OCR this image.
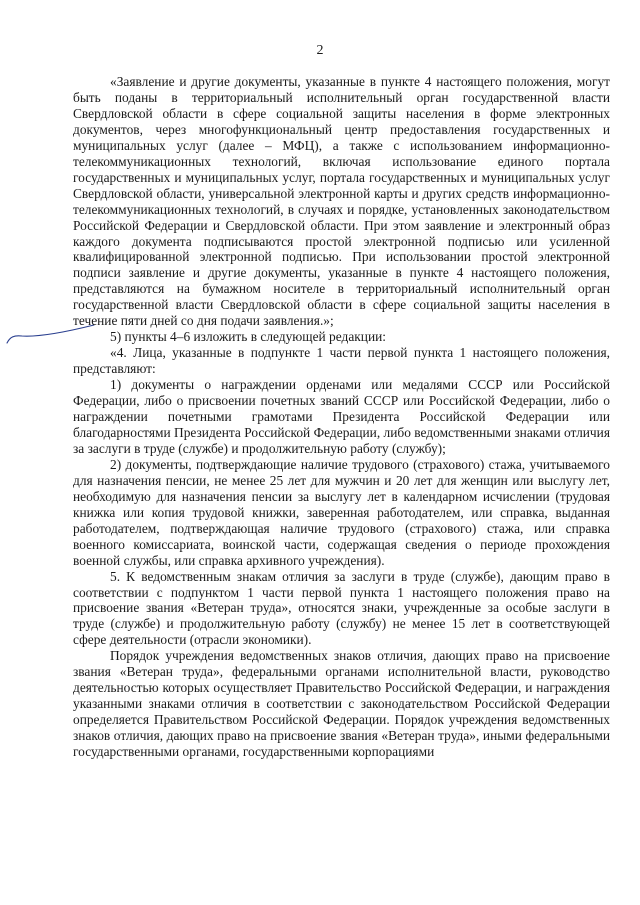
2

«Заявление и другие документы, указанные в пункте 4 настоящего положения, могут быть поданы в территориальный исполнительный орган государственной власти Свердловской области в сфере социальной защиты населения в форме электронных документов, через многофункциональный центр предоставления государственных и муниципальных услуг (далее – МФЦ), а также с использованием информационно-телекоммуникационных технологий, включая использование единого портала государственных и муниципальных услуг, портала государственных и муниципальных услуг Свердловской области, универсальной электронной карты и других средств информационно-телекоммуникационных технологий, в случаях и порядке, установленных законодательством Российской Федерации и Свердловской области. При этом заявление и электронный образ каждого документа подписываются простой электронной подписью или усиленной квалифицированной электронной подписью. При использовании простой электронной подписи заявление и другие документы, указанные в пункте 4 настоящего положения, представляются на бумажном носителе в территориальный исполнительный орган государственной власти Свердловской области в сфере социальной защиты населения в течение пяти дней со дня подачи заявления.»;

5) пункты 4–6 изложить в следующей редакции:

«4. Лица, указанные в подпункте 1 части первой пункта 1 настоящего положения, представляют:

1) документы о награждении орденами или медалями СССР или Российской Федерации, либо о присвоении почетных званий СССР или Российской Федерации, либо о награждении почетными грамотами Президента Российской Федерации или благодарностями Президента Российской Федерации, либо ведомственными знаками отличия за заслуги в труде (службе) и продолжительную работу (службу);

2) документы, подтверждающие наличие трудового (страхового) стажа, учитываемого для назначения пенсии, не менее 25 лет для мужчин и 20 лет для женщин или выслугу лет, необходимую для назначения пенсии за выслугу лет в календарном исчислении (трудовая книжка или копия трудовой книжки, заверенная работодателем, или справка, выданная работодателем, подтверждающая наличие трудового (страхового) стажа, или справка военного комиссариата, воинской части, содержащая сведения о периоде прохождения военной службы, или справка архивного учреждения).

5. К ведомственным знакам отличия за заслуги в труде (службе), дающим право в соответствии с подпунктом 1 части первой пункта 1 настоящего положения право на присвоение звания «Ветеран труда», относятся знаки, учрежденные за особые заслуги в труде (службе) и продолжительную работу (службу) не менее 15 лет в соответствующей сфере деятельности (отрасли экономики).

Порядок учреждения ведомственных знаков отличия, дающих право на присвоение звания «Ветеран труда», федеральными органами исполнительной власти, руководство деятельностью которых осуществляет Правительство Российской Федерации, и награждения указанными знаками отличия в соответствии с законодательством Российской Федерации определяется Правительством Российской Федерации. Порядок учреждения ведомственных знаков отличия, дающих право на присвоение звания «Ветеран труда», иными федеральными государственными органами, государственными корпорациями
